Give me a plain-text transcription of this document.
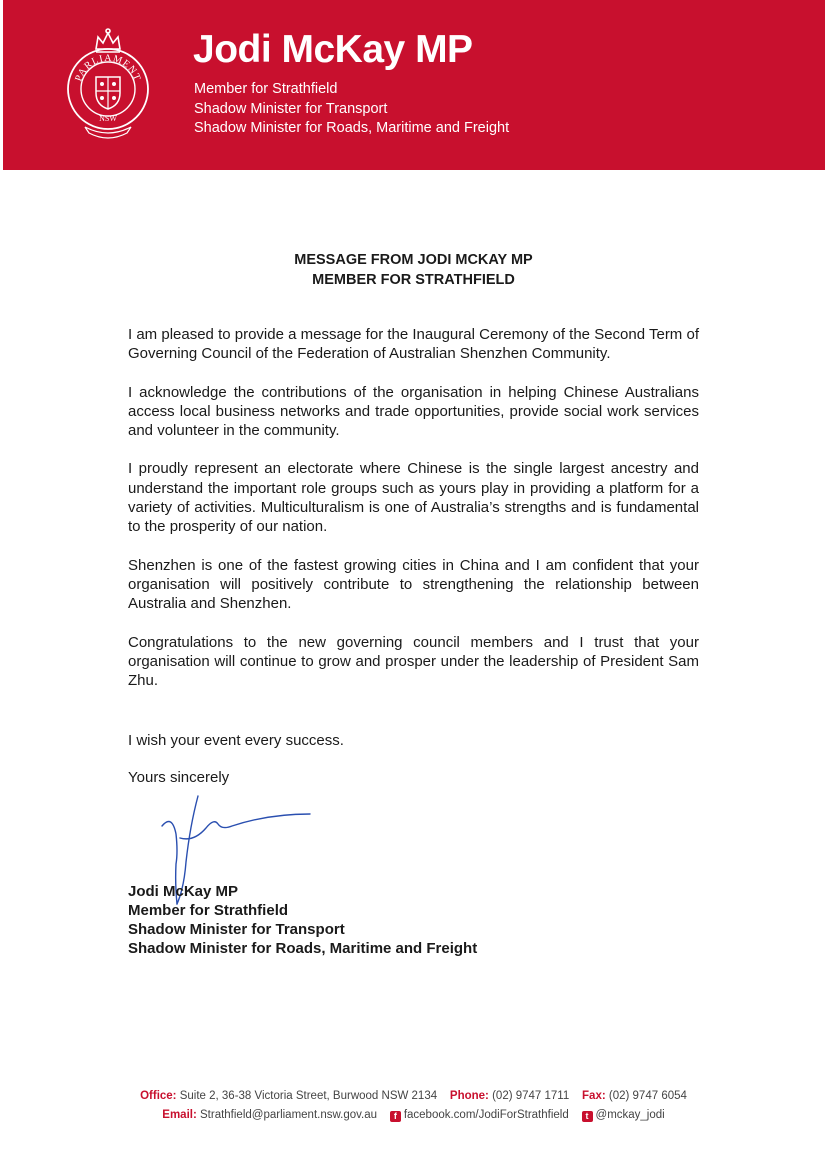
PARLIAMENT
NSW
Jodi McKay MP
Member for Strathfield
Shadow Minister for Transport
Shadow Minister for Roads, Maritime and Freight
MESSAGE FROM JODI MCKAY MP
MEMBER FOR STRATHFIELD

I am pleased to provide a message for the Inaugural Ceremony of the Second Term of Governing Council of the Federation of Australian Shenzhen Community.

I acknowledge the contributions of the organisation in helping Chinese Australians access local business networks and trade opportunities, provide social work services and volunteer in the community.

I proudly represent an electorate where Chinese is the single largest ancestry and understand the important role groups such as yours play in providing a platform for a variety of activities. Multiculturalism is one of Australia’s strengths and is fundamental to the prosperity of our nation.

Shenzhen is one of the fastest growing cities in China and I am confident that your organisation will positively contribute to strengthening the relationship between Australia and Shenzhen.

Congratulations to the new governing council members and I trust that your organisation will continue to grow and prosper under the leadership of President Sam Zhu.

I wish your event every success.
Yours sincerely
Jodi McKay MP
Member for Strathfield
Shadow Minister for Transport
Shadow Minister for Roads, Maritime and Freight
Office: Suite 2, 36-38 Victoria Street, Burwood NSW 2134 Phone: (02) 9747 1711 Fax: (02) 9747 6054
Email: Strathfield@parliament.nsw.gov.au f facebook.com/JodiForStrathfield t @mckay_jodi
